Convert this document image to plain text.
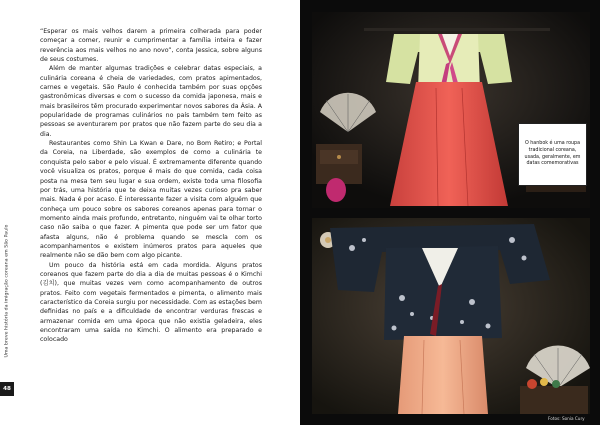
Uma breve história da imigração coreana em São Paulo
48

“Esperar os mais velhos darem a primeira colherada para poder começar a comer, reunir e cumprimentar a família inteira e fazer reverência aos mais velhos no ano novo”, conta Jessica, sobre alguns de seus costumes.

Além de manter algumas tradições e celebrar datas especiais, a culinária coreana é cheia de variedades, com pratos apimentados, carnes e vegetais. São Paulo é conhecida também por suas opções gastronômicas diversas e com o sucesso da comida japonesa, mais e mais brasileiros têm procurado experimentar novos sabores da Ásia. A popularidade de programas culinários no país também tem feito as pessoas se aventurarem por pratos que não fazem parte do seu dia a dia.

Restaurantes como Shin La Kwan e Dare, no Bom Retiro; e Portal da Coreia, na Liberdade, são exemplos de como a culinária te conquista pelo sabor e pelo visual. É extremamente diferente quando você visualiza os pratos, porque é mais do que comida, cada coisa posta na mesa tem seu lugar e sua ordem, existe toda uma filosofia por trás, uma história que te deixa muitas vezes curioso pra saber mais. Nada é por acaso. É interessante fazer a visita com alguém que conheça um pouco sobre os sabores coreanos apenas para tornar o momento ainda mais profundo, entretanto, ninguém vai te olhar torto caso não saiba o que fazer. A pimenta que pode ser um fator que afasta alguns, não é problema quando se mescla com os acompanhamentos e existem inúmeros pratos para aqueles que realmente não se dão bem com algo picante.

Um pouco da história está em cada mordida. Alguns pratos coreanos que fazem parte do dia a dia de muitas pessoas é o Kimchi (김치), que muitas vezes vem como acompanhamento de outros pratos. Feito com vegetais fermentados e pimenta, o alimento mais característico da Coreia surgiu por necessidade. Com as estações bem definidas no país e a dificuldade de encontrar verduras frescas e armazenar comida em uma época que não existia geladeira, eles encontraram uma saída no Kimchi. O alimento era preparado e colocado

O hanbok é uma roupa tradicional coreana, usada, geralmente, em datas comemorativas
Fotos: Sonia Cury
